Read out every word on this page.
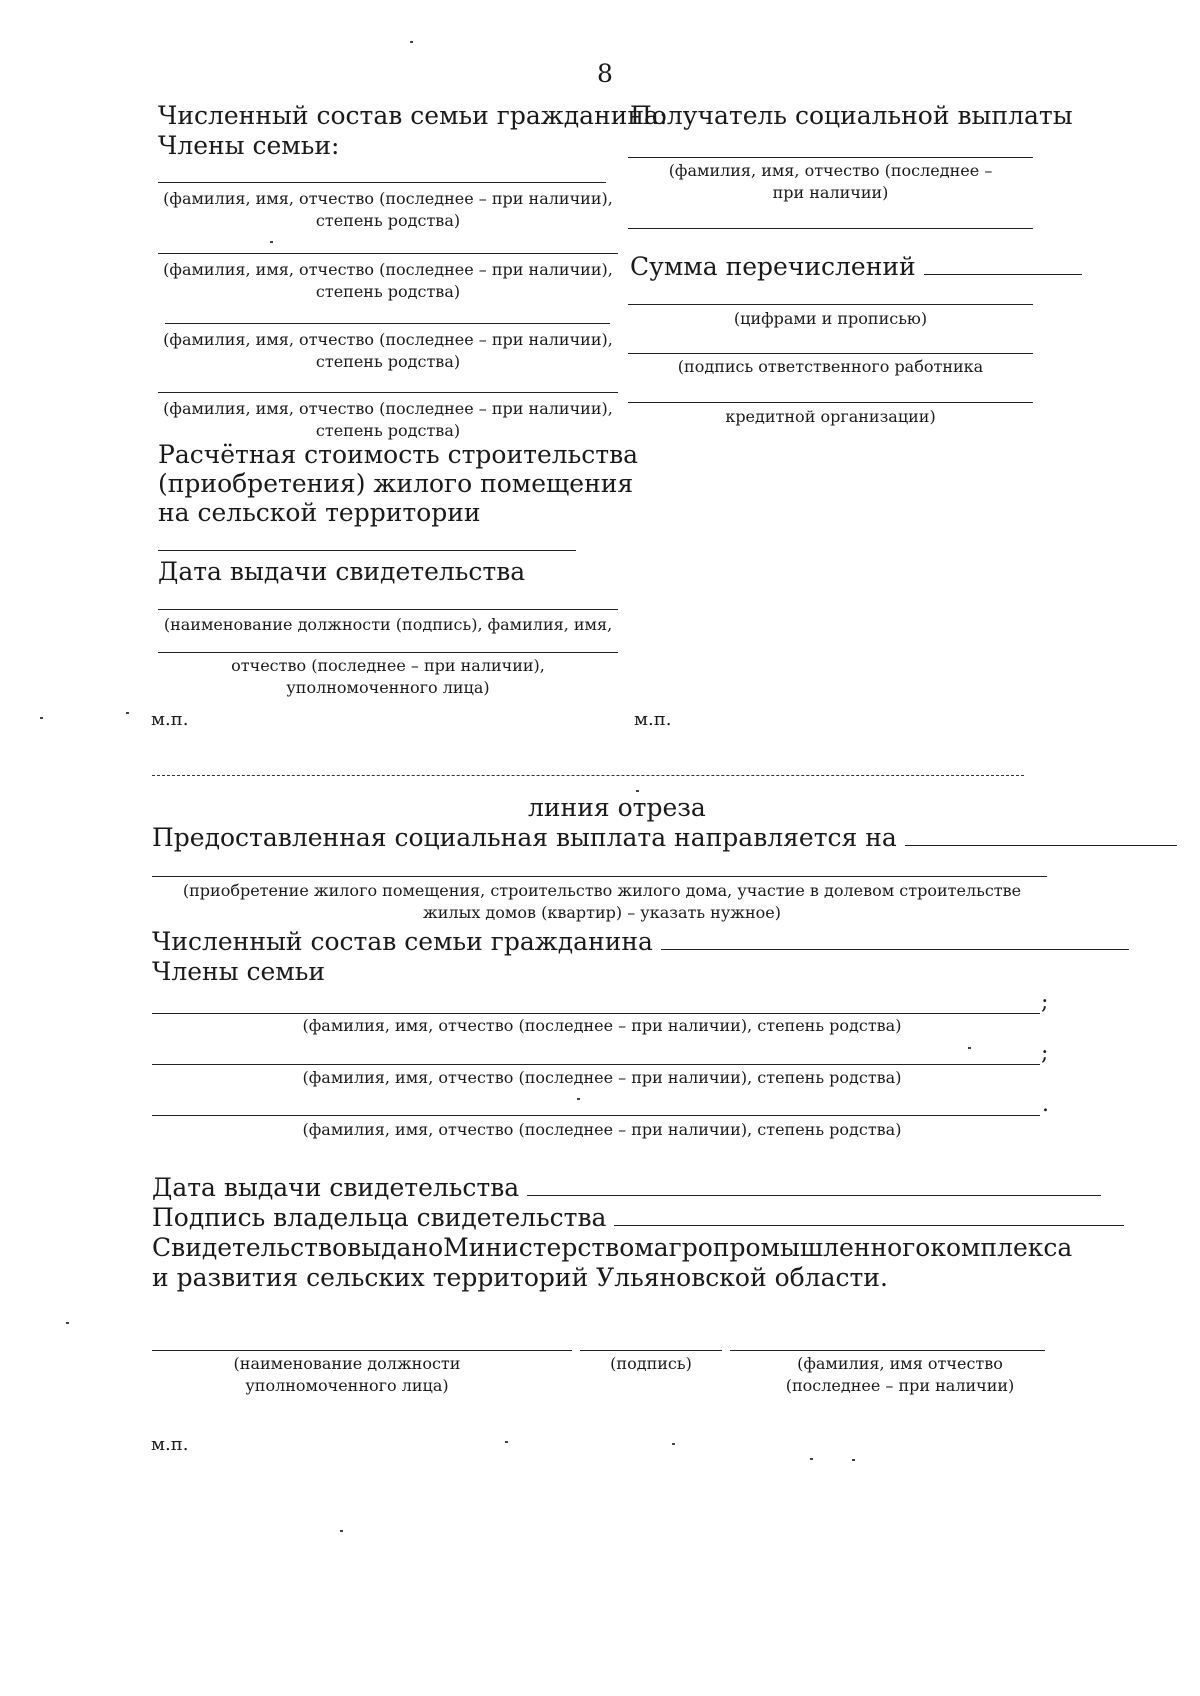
8
Численный состав семьи гражданина:
Члены семьи:
(фамилия, имя, отчество (последнее – при наличии),
степень родства)
(фамилия, имя, отчество (последнее – при наличии),
степень родства)
(фамилия, имя, отчество (последнее – при наличии),
степень родства)
(фамилия, имя, отчество (последнее – при наличии),
степень родства)
Расчётная стоимость строительства
(приобретения) жилого помещения
на сельской территории
Дата выдачи свидетельства
(наименование должности (подпись), фамилия, имя,
отчество (последнее – при наличии),
уполномоченного лица)
м.п.
Получатель социальной выплаты
(фамилия, имя, отчество (последнее –
при наличии)
Сумма перечислений
(цифрами и прописью)
(подпись ответственного работника
кредитной организации)
м.п.
линия отреза
Предоставленная социальная выплата направляется на
(приобретение жилого помещения, строительство жилого дома, участие в долевом строительстве
жилых домов (квартир) – указать нужное)
Численный состав семьи гражданина
Члены семьи
;
(фамилия, имя, отчество (последнее – при наличии), степень родства)
;
(фамилия, имя, отчество (последнее – при наличии), степень родства)
.
(фамилия, имя, отчество (последнее – при наличии), степень родства)
Дата выдачи свидетельства
Подпись владельца свидетельства
Свидетельство выдано Министерством агропромышленного комплекса
и развития сельских территорий Ульяновской области.
(наименование должности
уполномоченного лица)
(подпись)	(фамилия, имя отчество
(последнее – при наличии)
м.п.
